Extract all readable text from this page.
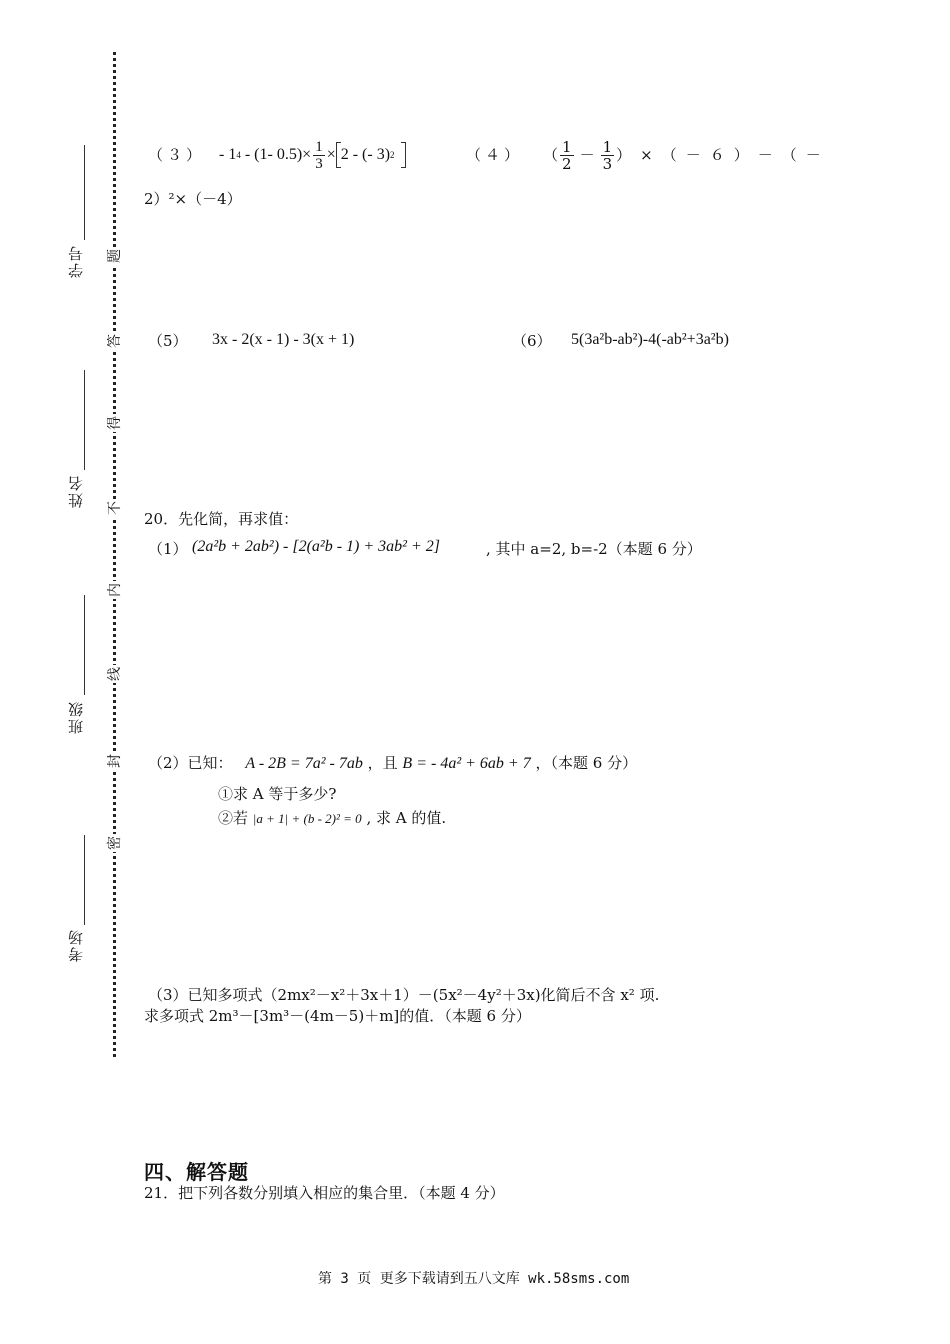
学号
姓名
班级
考场
题
答
得
不
内
线
封
密
（３） - 1 4 - (1- $0.5)\times \frac{1}{3} \times 2$ - (- 3) 2	（４） （ $\frac{1}{2} - \frac{1}{3} )\times(-6)-(-$
2）²×（－4）
（5） 3x - 2(x - 1) - 3(x + 1)	（6） 5(3a²b-ab²)-4(-ab²+3a²b)
20．先化简，再求值：
（1） (2a²b + 2ab²) - [2(a²b - 1) + 3ab² + 2]	, 其中 a=2, b=-2（本题 6 分）
（2）已知： A - 2B = 7a² - 7ab ，且 B = - 4a² + 6ab + 7 ，（本题 6 分）
①求 A 等于多少?
②若 |a + 1| + (b - 2)² = 0 , 求 A 的值.
（3）已知多项式（2mx²－x²＋3x＋1）－(5x²－4y²＋3x)化简后不含 x² 项.
求多项式 2m³－[3m³－(4m－5)＋m]的值．（本题 6 分）
四、解答题
21．把下列各数分别填入相应的集合里．（本题 4 分）
第 3 页 更多下载请到五八文库 wk.58sms.com
